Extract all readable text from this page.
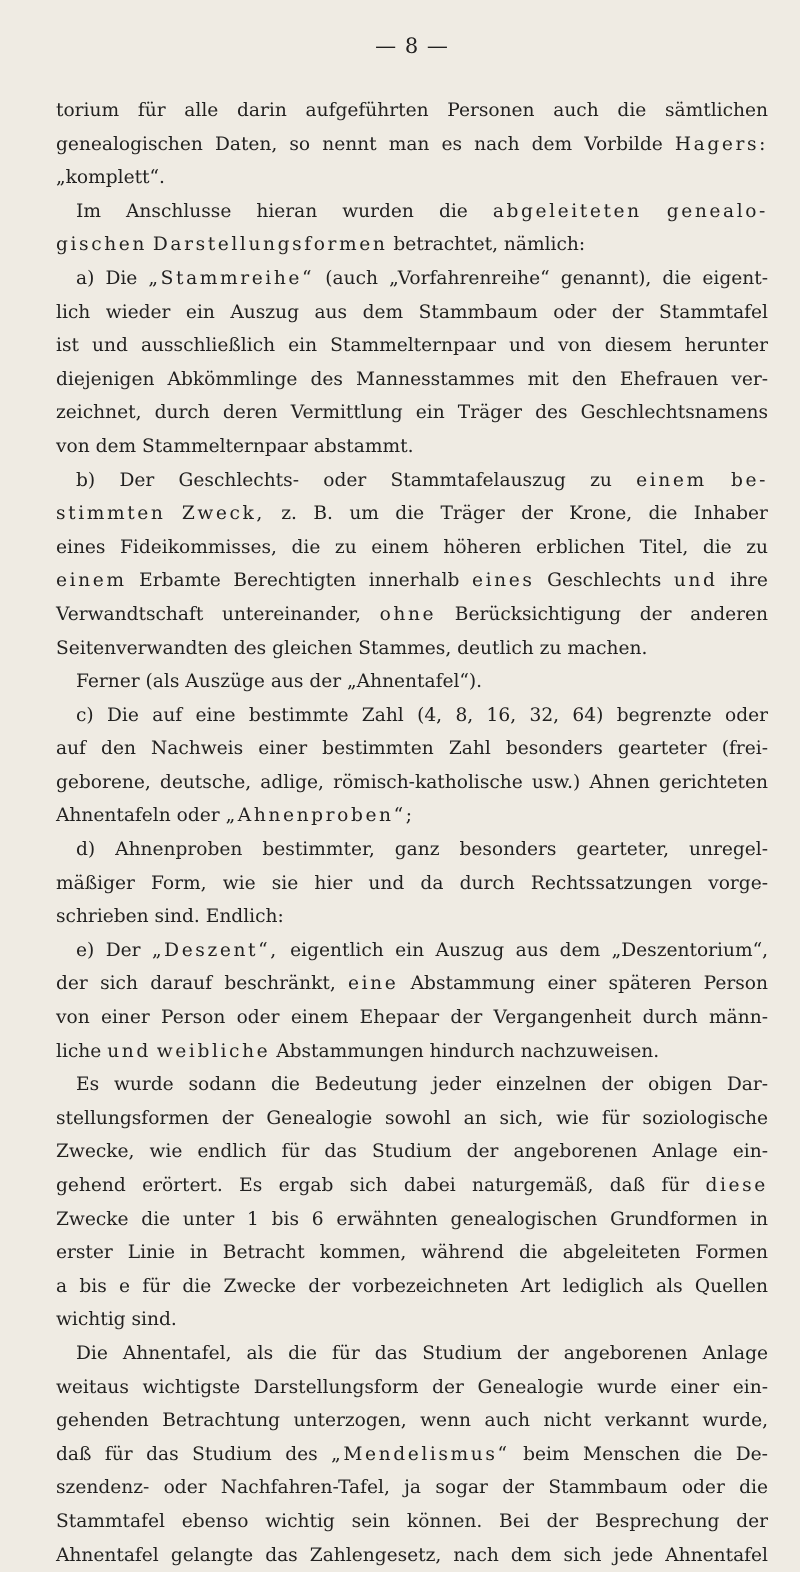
— 8 —
torium für alle darin aufgeführten Personen auch die sämtlichen
genealogischen Daten, so nennt man es nach dem Vorbilde Hagers:
„komplett“.
Im Anschlusse hieran wurden die abgeleiteten genealo-
gischen Darstellungsformen betrachtet, nämlich:
a) Die „Stammreihe“ (auch „Vorfahrenreihe“ genannt), die eigent-
lich wieder ein Auszug aus dem Stammbaum oder der Stammtafel
ist und ausschließlich ein Stammelternpaar und von diesem herunter
diejenigen Abkömmlinge des Mannesstammes mit den Ehefrauen ver-
zeichnet, durch deren Vermittlung ein Träger des Geschlechtsnamens
von dem Stammelternpaar abstammt.
b) Der Geschlechts- oder Stammtafelauszug zu einem be-
stimmten Zweck, z. B. um die Träger der Krone, die Inhaber
eines Fideikommisses, die zu einem höheren erblichen Titel, die zu
einem Erbamte Berechtigten innerhalb eines Geschlechts und ihre
Verwandtschaft untereinander, ohne Berücksichtigung der anderen
Seitenverwandten des gleichen Stammes, deutlich zu machen.
Ferner (als Auszüge aus der „Ahnentafel“).
c) Die auf eine bestimmte Zahl (4, 8, 16, 32, 64) begrenzte oder
auf den Nachweis einer bestimmten Zahl besonders gearteter (frei-
geborene, deutsche, adlige, römisch-katholische usw.) Ahnen gerichteten
Ahnentafeln oder „Ahnenproben“;
d) Ahnenproben bestimmter, ganz besonders gearteter, unregel-
mäßiger Form, wie sie hier und da durch Rechtssatzungen vorge-
schrieben sind. Endlich:
e) Der „Deszent“, eigentlich ein Auszug aus dem „Deszentorium“,
der sich darauf beschränkt, eine Abstammung einer späteren Person
von einer Person oder einem Ehepaar der Vergangenheit durch männ-
liche und weibliche Abstammungen hindurch nachzuweisen.
Es wurde sodann die Bedeutung jeder einzelnen der obigen Dar-
stellungsformen der Genealogie sowohl an sich, wie für soziologische
Zwecke, wie endlich für das Studium der angeborenen Anlage ein-
gehend erörtert. Es ergab sich dabei naturgemäß, daß für diese
Zwecke die unter 1 bis 6 erwähnten genealogischen Grundformen in
erster Linie in Betracht kommen, während die abgeleiteten Formen
a bis e für die Zwecke der vorbezeichneten Art lediglich als Quellen
wichtig sind.
Die Ahnentafel, als die für das Studium der angeborenen Anlage
weitaus wichtigste Darstellungsform der Genealogie wurde einer ein-
gehenden Betrachtung unterzogen, wenn auch nicht verkannt wurde,
daß für das Studium des „Mendelismus“ beim Menschen die De-
szendenz- oder Nachfahren-Tafel, ja sogar der Stammbaum oder die
Stammtafel ebenso wichtig sein können. Bei der Besprechung der
Ahnentafel gelangte das Zahlengesetz, nach dem sich jede Ahnentafel
